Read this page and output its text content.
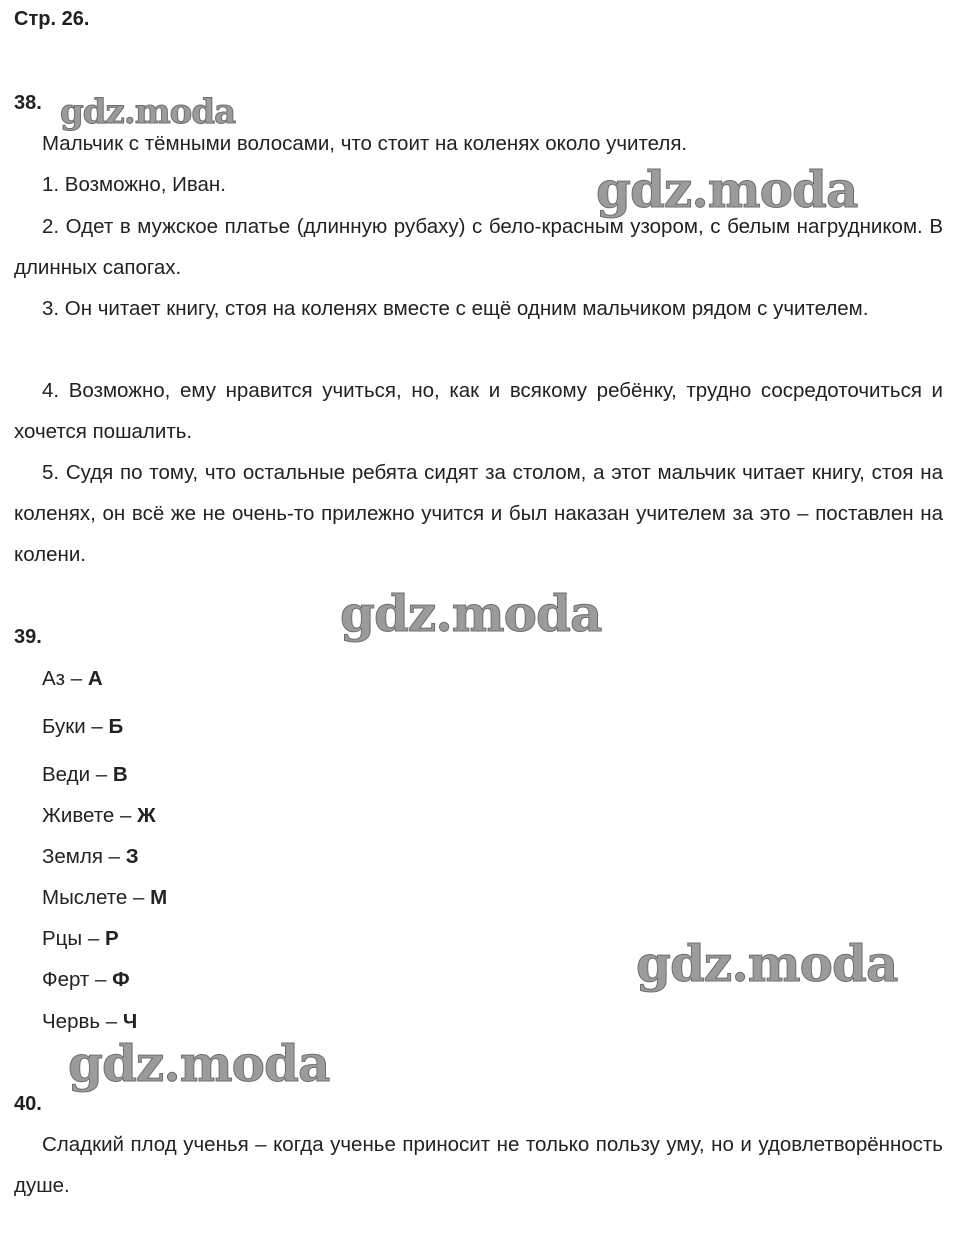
Стр. 26.
38. gdz.moda
Мальчик с тёмными волосами, что стоит на коленях около учителя.
1. Возможно, Иван.	gdz.moda
2. Одет в мужское платье (длинную рубаху) с бело-красным узором, с белым нагрудником. В длинных сапогах.
3. Он читает книгу, стоя на коленях вместе с ещё одним мальчиком рядом с учителем.
4. Возможно, ему нравится учиться, но, как и всякому ребёнку, трудно сосредоточиться и хочется пошалить.
5. Судя по тому, что остальные ребята сидят за столом, а этот мальчик читает книгу, стоя на коленях, он всё же не очень-то прилежно учится и был наказан учителем за это – поставлен на колени.
gdz.moda
39.
Аз – А
Буки – Б
Веди – В
Живете – Ж
Земля – З
Мыслете – М
Рцы – Р
Ферт – Ф
Червь – Ч
gdz.moda
gdz.moda
40.
Сладкий плод ученья – когда ученье приносит не только пользу уму, но и удовлетворённость душе.
